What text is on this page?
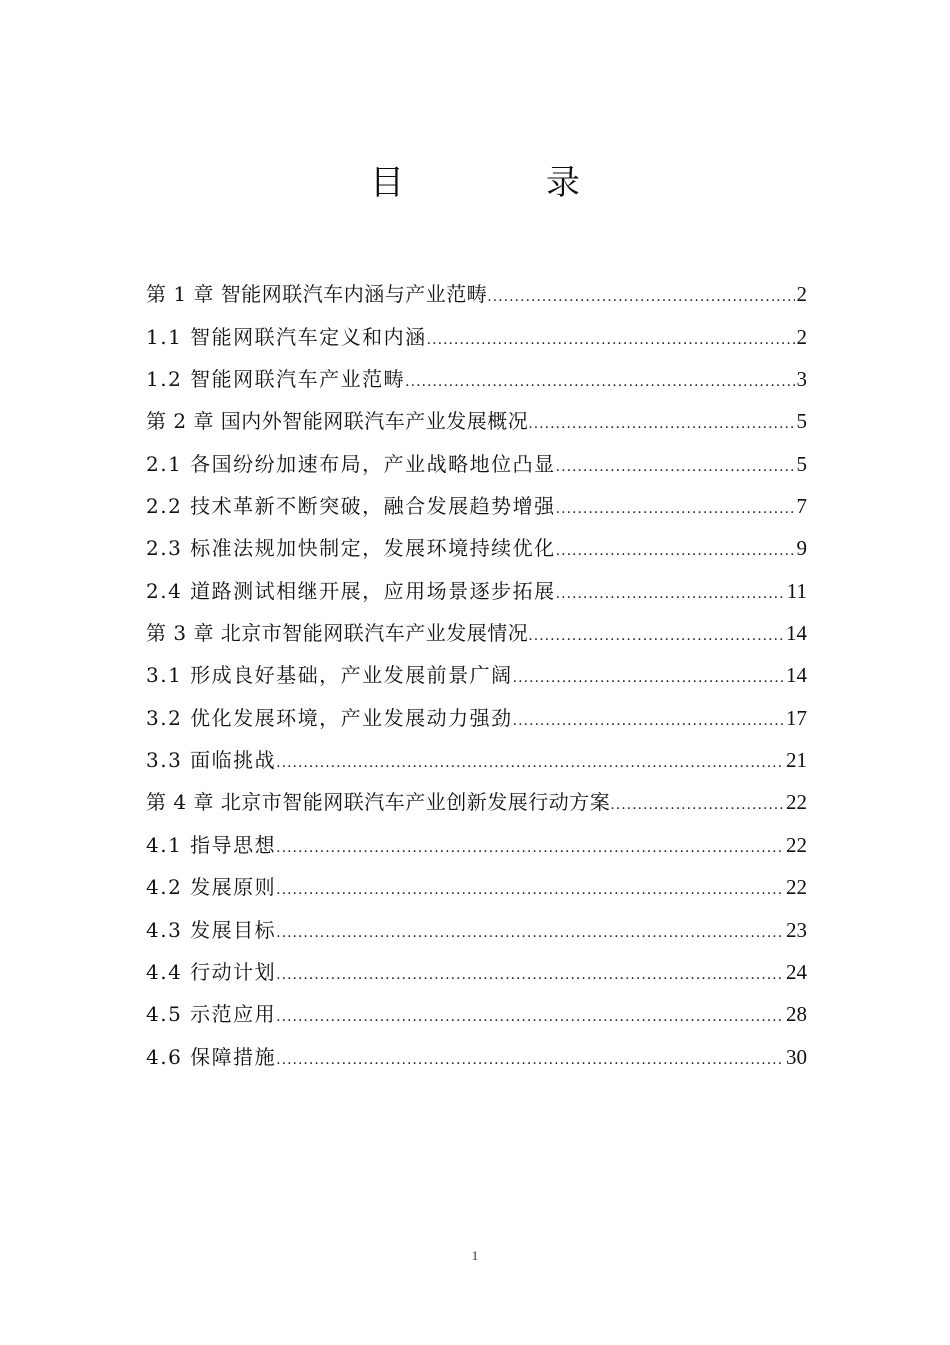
目　录
第 1 章 智能网联汽车内涵与产业范畴 .....	2
1.1 智能网联汽车定义和内涵 .....	2
1.2 智能网联汽车产业范畴 .....	3
第 2 章 国内外智能网联汽车产业发展概况 .....	5
2.1 各国纷纷加速布局，产业战略地位凸显 .....	5
2.2 技术革新不断突破，融合发展趋势增强 .....	7
2.3 标准法规加快制定，发展环境持续优化 .....	9
2.4 道路测试相继开展，应用场景逐步拓展 .....	11
第 3 章 北京市智能网联汽车产业发展情况 .....	14
3.1 形成良好基础，产业发展前景广阔 .....	14
3.2 优化发展环境，产业发展动力强劲 .....	17
3.3 面临挑战 .....	21
第 4 章 北京市智能网联汽车产业创新发展行动方案 .....	22
4.1 指导思想 .....	22
4.2 发展原则 .....	22
4.3 发展目标 .....	23
4.4 行动计划 .....	24
4.5 示范应用 .....	28
4.6 保障措施 .....	30
1
